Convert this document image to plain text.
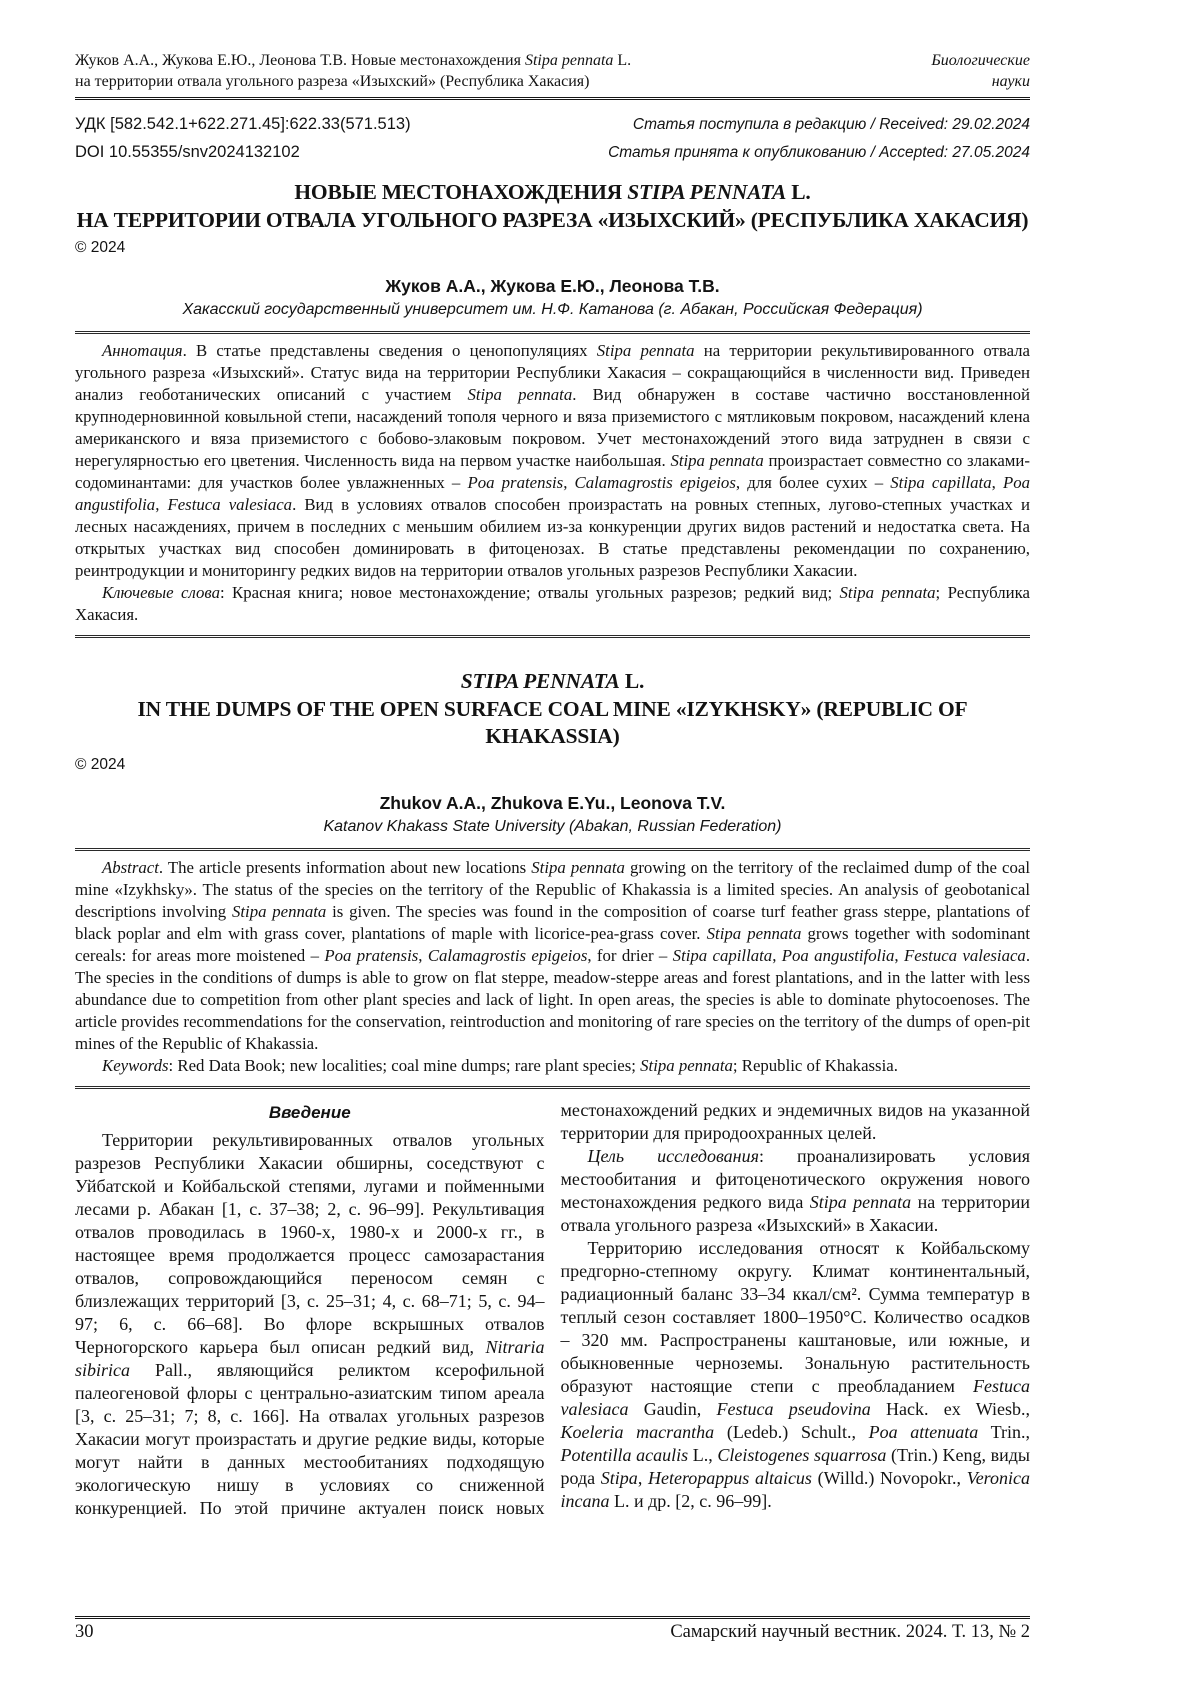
Жуков А.А., Жукова Е.Ю., Леонова Т.В. Новые местонахождения Stipa pennata L.
на территории отвала угольного разреза «Изыхский» (Республика Хакасия)
Биологические
науки
УДК [582.542.1+622.271.45]:622.33(571.513)	Статья поступила в редакцию / Received: 29.02.2024
DOI 10.55355/snv2024132102	Статья принята к опубликованию / Accepted: 27.05.2024
НОВЫЕ МЕСТОНАХОЖДЕНИЯ STIPA PENNATA L.
НА ТЕРРИТОРИИ ОТВАЛА УГОЛЬНОГО РАЗРЕЗА «ИЗЫХСКИЙ» (РЕСПУБЛИКА ХАКАСИЯ)
© 2024
Жуков А.А., Жукова Е.Ю., Леонова Т.В.
Хакасский государственный университет им. Н.Ф. Катанова (г. Абакан, Российская Федерация)

Аннотация. В статье представлены сведения о ценопопуляциях Stipa pennata на территории рекультивированного отвала угольного разреза «Изыхский». Статус вида на территории Республики Хакасия – сокращающийся в численности вид. Приведен анализ геоботанических описаний с участием Stipa pennata. Вид обнаружен в составе частично восстановленной крупнодерновинной ковыльной степи, насаждений тополя черного и вяза приземистого с мятликовым покровом, насаждений клена американского и вяза приземистого с бобово-злаковым покровом. Учет местонахождений этого вида затруднен в связи с нерегулярностью его цветения. Численность вида на первом участке наибольшая. Stipa pennata произрастает совместно со злаками-содоминантами: для участков более увлажненных – Poa pratensis, Calamagrostis epigeios, для более сухих – Stipa capillata, Poa angustifolia, Festuca valesiaca. Вид в условиях отвалов способен произрастать на ровных степных, лугово-степных участках и лесных насаждениях, причем в последних с меньшим обилием из-за конкуренции других видов растений и недостатка света. На открытых участках вид способен доминировать в фитоценозах. В статье представлены рекомендации по сохранению, реинтродукции и мониторингу редких видов на территории отвалов угольных разрезов Республики Хакасии.

Ключевые слова: Красная книга; новое местонахождение; отвалы угольных разрезов; редкий вид; Stipa pennata; Республика Хакасия.

STIPA PENNATA L.
IN THE DUMPS OF THE OPEN SURFACE COAL MINE «IZYKHSKY» (REPUBLIC OF KHAKASSIA)
© 2024
Zhukov A.A., Zhukova E.Yu., Leonova T.V.
Katanov Khakass State University (Abakan, Russian Federation)

Abstract. The article presents information about new locations Stipa pennata growing on the territory of the reclaimed dump of the coal mine «Izykhsky». The status of the species on the territory of the Republic of Khakassia is a limited species. An analysis of geobotanical descriptions involving Stipa pennata is given. The species was found in the composition of coarse turf feather grass steppe, plantations of black poplar and elm with grass cover, plantations of maple with licorice-pea-grass cover. Stipa pennata grows together with sodominant cereals: for areas more moistened – Poa pratensis, Calamagrostis epigeios, for drier – Stipa capillata, Poa angustifolia, Festuca valesiaca. The species in the conditions of dumps is able to grow on flat steppe, meadow-steppe areas and forest plantations, and in the latter with less abundance due to competition from other plant species and lack of light. In open areas, the species is able to dominate phytocoenoses. The article provides recommendations for the conservation, reintroduction and monitoring of rare species on the territory of the dumps of open-pit mines of the Republic of Khakassia.

Keywords: Red Data Book; new localities; coal mine dumps; rare plant species; Stipa pennata; Republic of Khakassia.

Введение

Территории рекультивированных отвалов угольных разрезов Республики Хакасии обширны, соседствуют с Уйбатской и Койбальской степями, лугами и пойменными лесами р. Абакан [1, с. 37–38; 2, с. 96–99]. Рекультивация отвалов проводилась в 1960-х, 1980-х и 2000-х гг., в настоящее время продолжается процесс самозарастания отвалов, сопровождающийся переносом семян с близлежащих территорий [3, с. 25–31; 4, с. 68–71; 5, с. 94–97; 6, с. 66–68]. Во флоре вскрышных отвалов Черногорского карьера был описан редкий вид, Nitraria sibirica Pall., являющийся реликтом ксерофильной палеогеновой флоры с центрально-азиатским типом ареала [3, с. 25–31; 7; 8, с. 166]. На отвалах угольных разрезов Хакасии могут произрастать и другие редкие виды, которые могут найти в данных местообитаниях подходящую экологическую нишу в условиях со сниженной конкуренцией. По этой причине актуален поиск новых местонахождений редких и эндемичных видов на указанной территории для природоохранных целей.

Цель исследования: проанализировать условия местообитания и фитоценотического окружения нового местонахождения редкого вида Stipa pennata на территории отвала угольного разреза «Изыхский» в Хакасии.

Территорию исследования относят к Койбальскому предгорно-степному округу. Климат континентальный, радиационный баланс 33–34 ккал/см². Сумма температур в теплый сезон составляет 1800–1950°С. Количество осадков – 320 мм. Распространены каштановые, или южные, и обыкновенные черноземы. Зональную растительность образуют настоящие степи с преобладанием Festuca valesiaca Gaudin, Festuca pseudovina Hack. ex Wiesb., Koeleria macrantha (Ledeb.) Schult., Poa attenuata Trin., Potentilla acaulis L., Cleistogenes squarrosa (Trin.) Keng, виды рода Stipa, Heteropappus altaicus (Willd.) Novopokr., Veronica incana L. и др. [2, с. 96–99].

30	Самарский научный вестник. 2024. Т. 13, № 2
